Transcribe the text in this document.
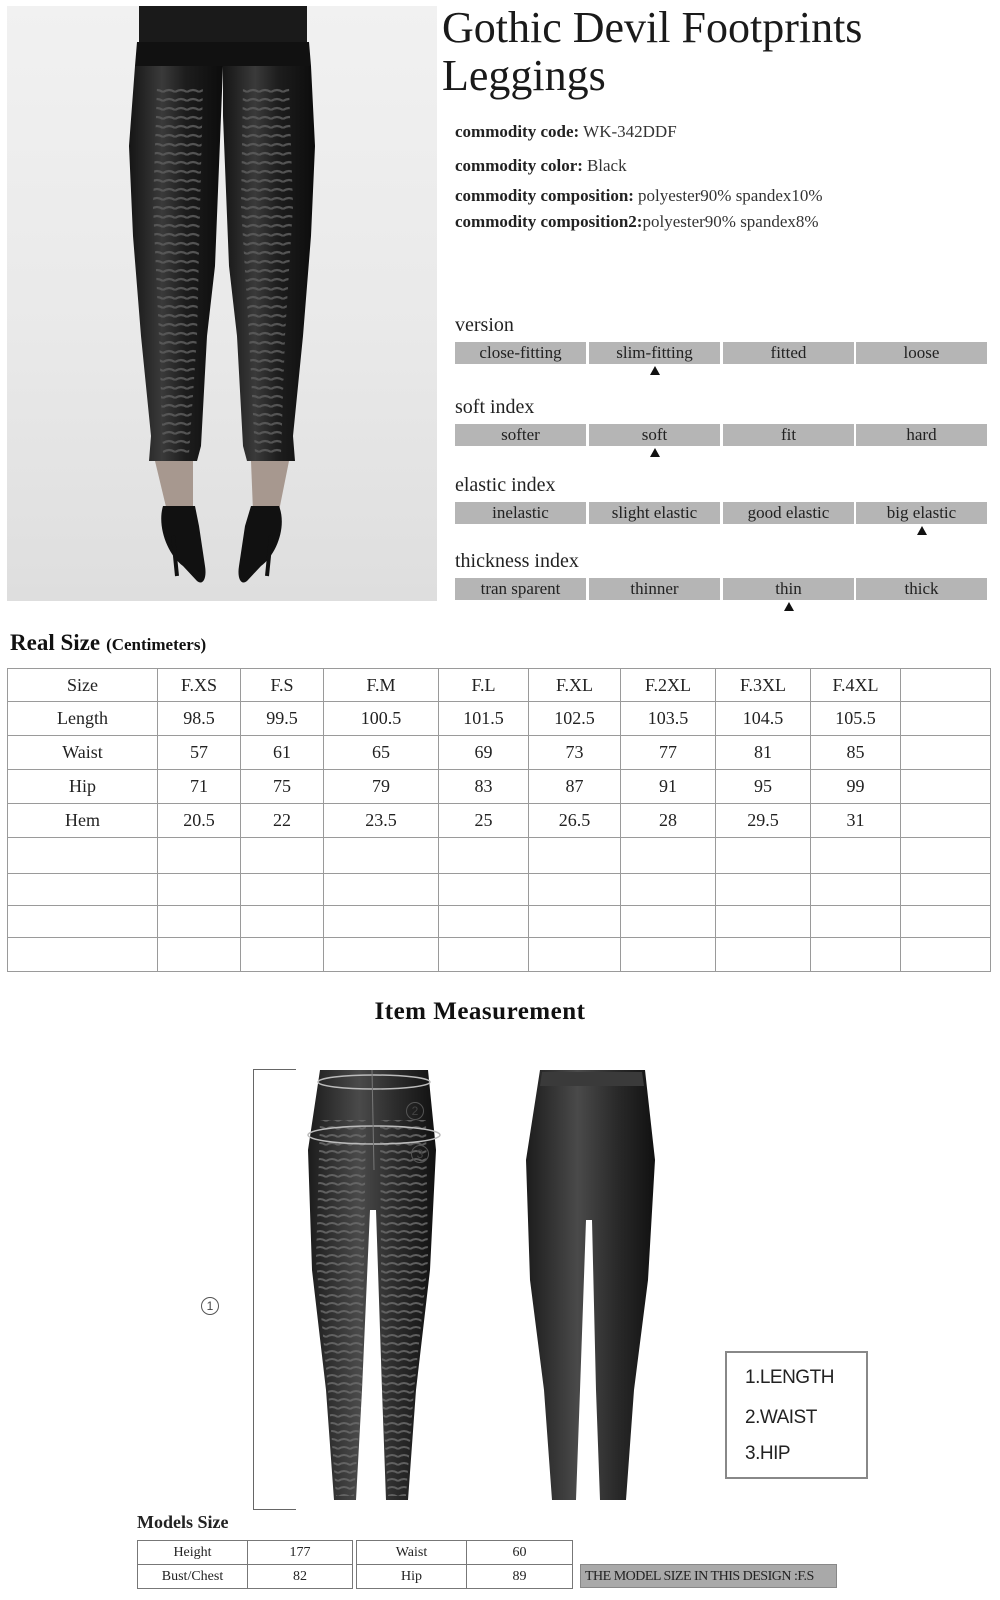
Gothic Devil Footprints Leggings
commodity code: WK-342DDF
commodity color: Black
commodity composition: polyester90% spandex10%
commodity composition2:polyester90% spandex8%
version
close-fitting	slim-fitting	fitted	loose
soft index
softer	soft	fit	hard
elastic index
inelastic	slight elastic	good elastic	big elastic
thickness index
tran sparent	thinner	thin	thick
Real Size (Centimeters)
Size	F.XS	F.S	F.M	F.L	F.XL	F.2XL	F.3XL	F.4XL	
Length	98.5	99.5	100.5	101.5	102.5	103.5	104.5	105.5	
Waist	57	61	65	69	73	77	81	85	
Hip	71	75	79	83	87	91	95	99	
Hem	20.5	22	23.5	25	26.5	28	29.5	31	

Item Measurement
1
2
3
1.LENGTH
2.WAIST
3.HIP
Models Size
Height	177
Bust/Chest	82
Waist	60
Hip	89	THE MODEL SIZE IN THIS DESIGN :F.S
